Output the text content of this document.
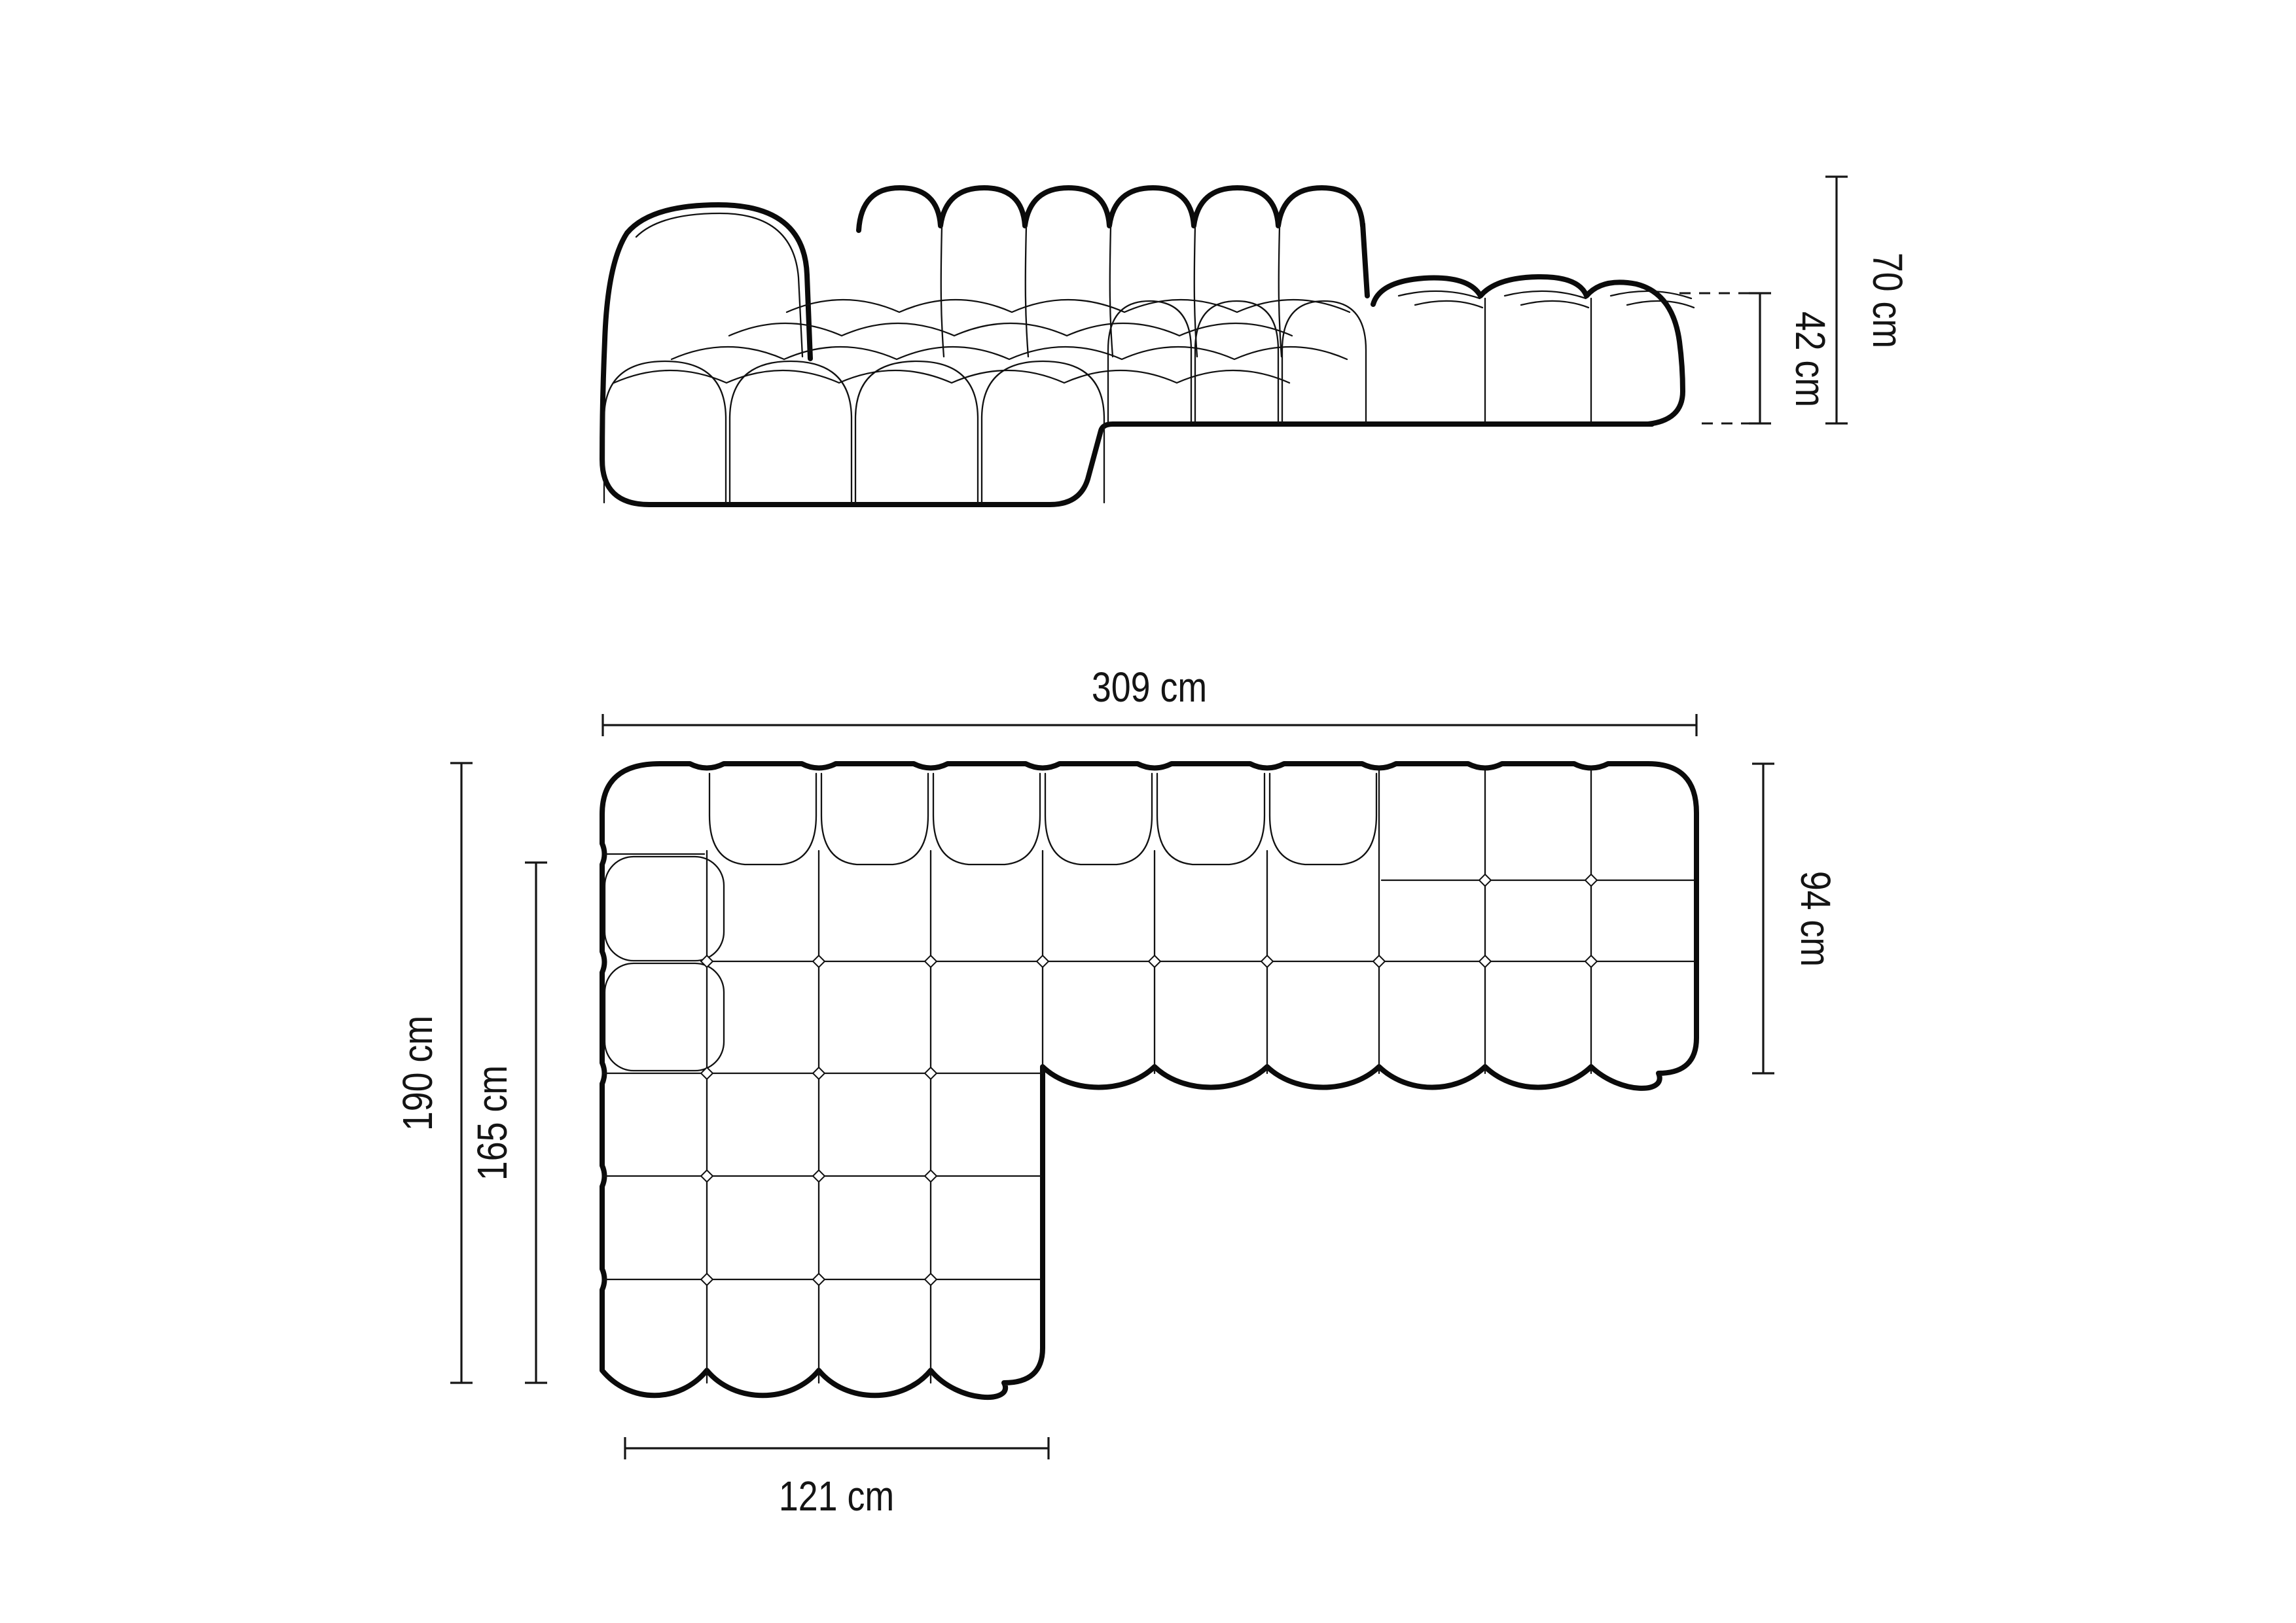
42 cm
70 cm
309 cm
94 cm
190 cm 165 cm
121 cm
